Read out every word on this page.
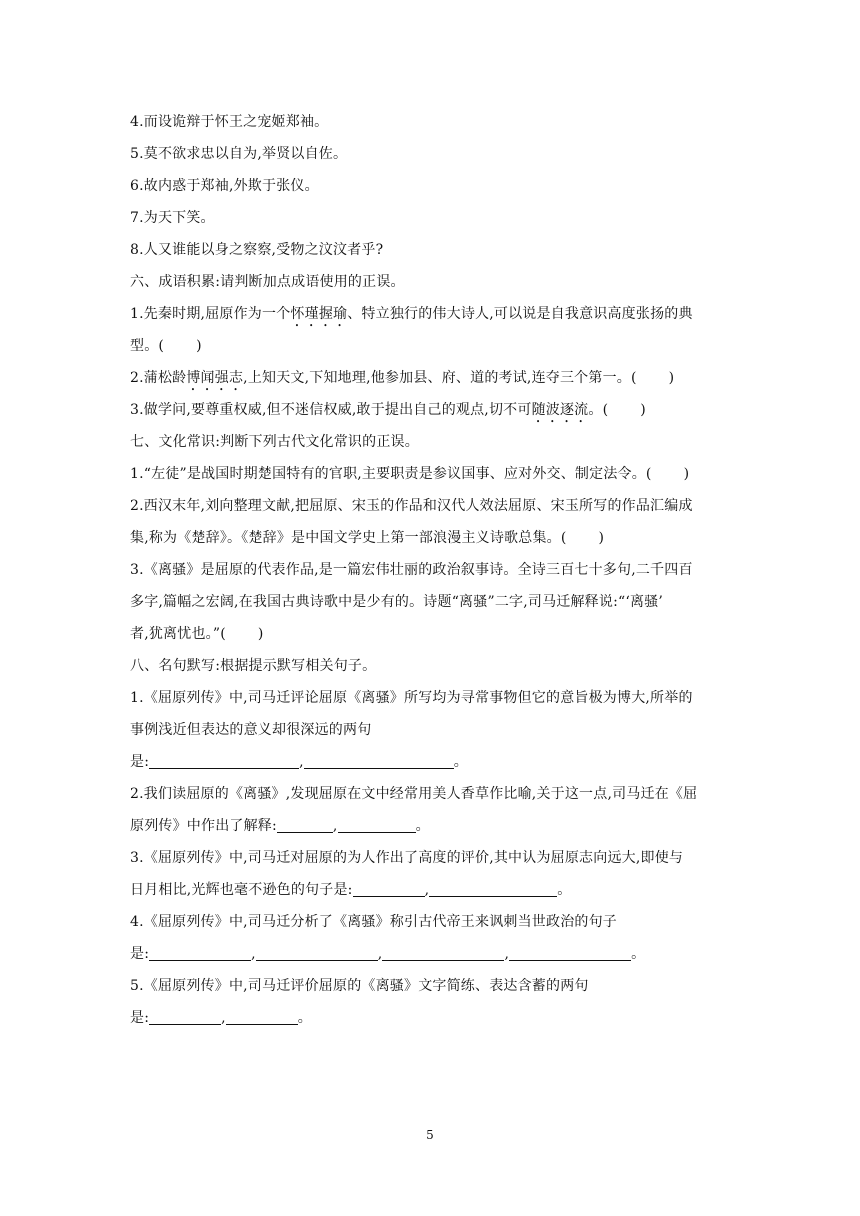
4.而设诡辩于怀王之宠姬郑袖。

5.莫不欲求忠以自为,举贤以自佐。

6.故内惑于郑袖,外欺于张仪。

7.为天下笑。

8.人又谁能以身之察察,受物之汶汶者乎?

六、成语积累:请判断加点成语使用的正误。

1.先秦时期,屈原作为一个怀瑾握瑜、特立独行的伟大诗人,可以说是自我意识高度张扬的典

型。( )

2.蒲松龄博闻强志,上知天文,下知地理,他参加县、府、道的考试,连夺三个第一。( )

3.做学问,要尊重权威,但不迷信权威,敢于提出自己的观点,切不可随波逐流。( )

七、文化常识:判断下列古代文化常识的正误。

1.“左徒”是战国时期楚国特有的官职,主要职责是参议国事、应对外交、制定法令。( )

2.西汉末年,刘向整理文献,把屈原、宋玉的作品和汉代人效法屈原、宋玉所写的作品汇编成

集,称为《楚辞》。《楚辞》是中国文学史上第一部浪漫主义诗歌总集。( )

3.《离骚》是屈原的代表作品,是一篇宏伟壮丽的政治叙事诗。全诗三百七十多句,二千四百

多字,篇幅之宏阔,在我国古典诗歌中是少有的。诗题“离骚”二字,司马迁解释说:“‘离骚’

者,犹离忧也。”( )

八、名句默写:根据提示默写相关句子。

1.《屈原列传》中,司马迁评论屈原《离骚》所写均为寻常事物但它的意旨极为博大,所举的

事例浅近但表达的意义却很深远的两句

是:	,	。

2.我们读屈原的《离骚》,发现屈原在文中经常用美人香草作比喻,关于这一点,司马迁在《屈

原列传》中作出了解释:	,	。

3.《屈原列传》中,司马迁对屈原的为人作出了高度的评价,其中认为屈原志向远大,即使与

日月相比,光辉也毫不逊色的句子是:	,	。

4.《屈原列传》中,司马迁分析了《离骚》称引古代帝王来讽刺当世政治的句子

是:	,	,	,	。

5.《屈原列传》中,司马迁评价屈原的《离骚》文字简练、表达含蓄的两句

是:	,	。

5
